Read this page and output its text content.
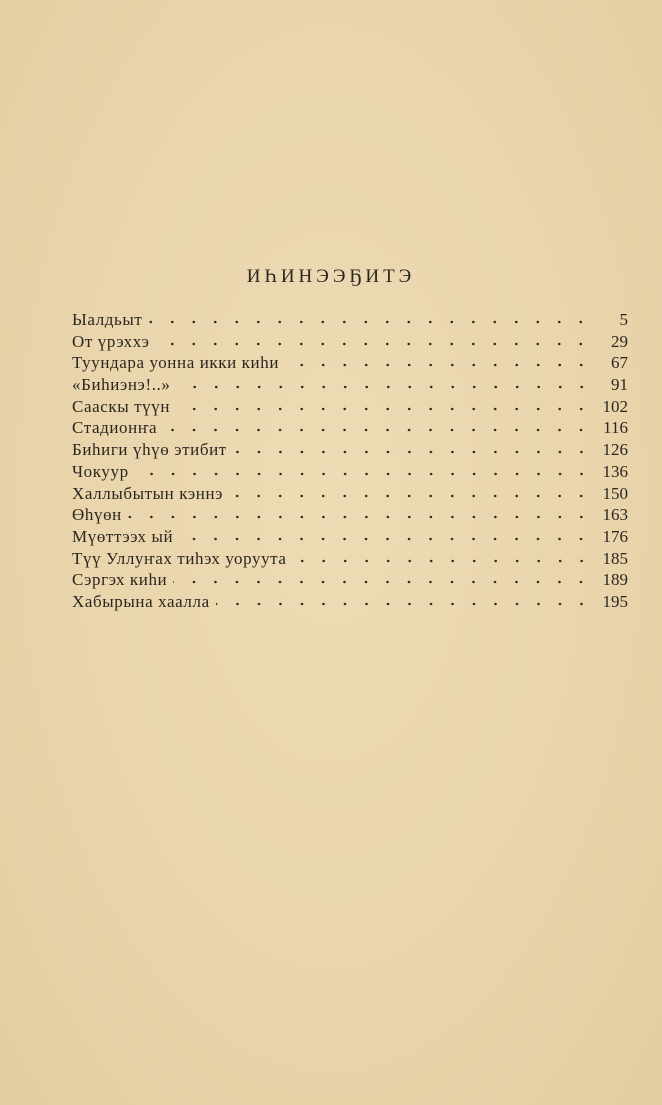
ИҺИНЭЭҔИТЭ
Ыалдьыт	5
От үрэххэ	29
Туундара уонна икки киһи	67
«Биһиэнэ!..»	91
Сааскы түүн	102
Стадионҥа	116
Биһиги үһүө этибит	126
Чокуур	136
Халлыбытын кэннэ	150
Өһүөн	163
Мүөттээх ый	176
Түү Уллуҥах тиһэх уоруута	185
Сэргэх киһи	189
Хабырына хаалла	195
